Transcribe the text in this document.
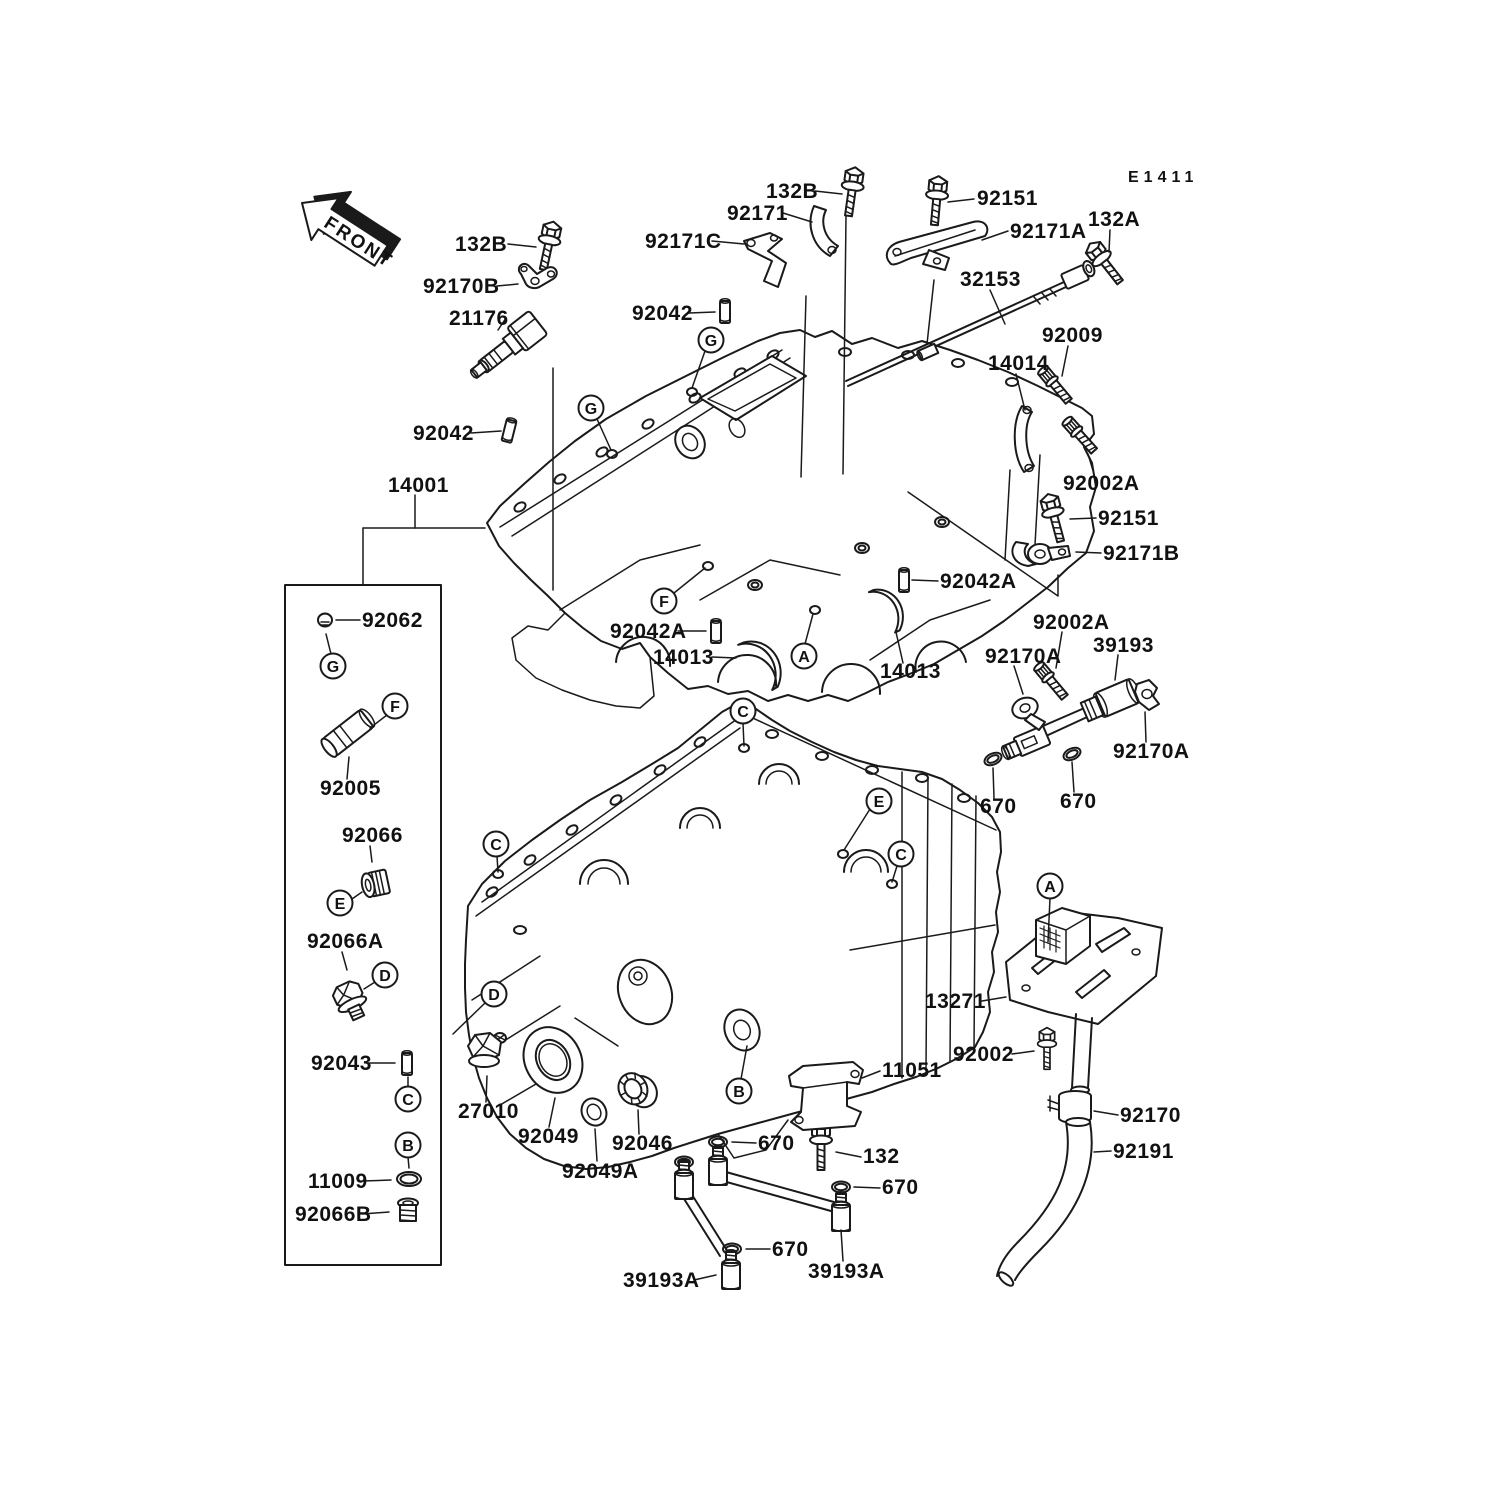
FRONT
E1411
132B
92170B
21176
92042
132B
92171
92171C
92151
92171A
132A
32153
92009
14014
92002A
92042
14001
92151
92171B
92042A
92042A
14013
14013
92002A
92170A 39193
92170A
670 670
92062
92005
92066
92066A
92043
11009
92066B
27010
92049
92049A
92046	670
132
670
670
39193A	39193A
11051
13271
92002
92170
92191
G
G
F
A
C
E
C
C
D
B
A
G
F
E
D
C
B
